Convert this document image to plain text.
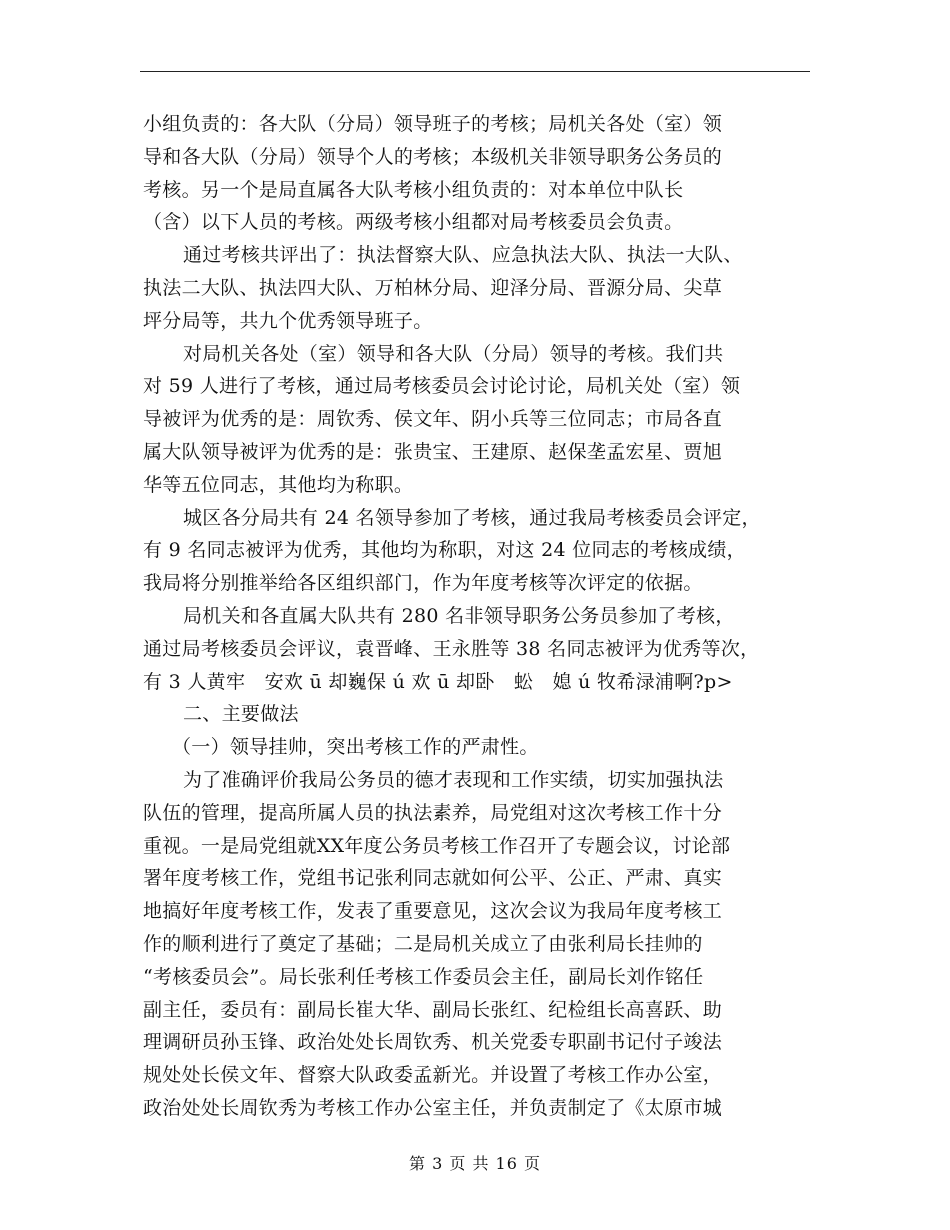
小组负责的：各大队（分局）领导班子的考核；局机关各处（室）领
导和各大队（分局）领导个人的考核；本级机关非领导职务公务员的
考核。另一个是局直属各大队考核小组负责的：对本单位中队长
（含）以下人员的考核。两级考核小组都对局考核委员会负责。
通过考核共评出了：执法督察大队、应急执法大队、执法一大队、
执法二大队、执法四大队、万柏林分局、迎泽分局、晋源分局、尖草
坪分局等，共九个优秀领导班子。
对局机关各处（室）领导和各大队（分局）领导的考核。我们共
对 59 人进行了考核，通过局考核委员会讨论讨论，局机关处（室）领
导被评为优秀的是：周钦秀、侯文年、阴小兵等三位同志；市局各直
属大队领导被评为优秀的是：张贵宝、王建原、赵保垄孟宏星、贾旭
华等五位同志，其他均为称职。
城区各分局共有 24 名领导参加了考核，通过我局考核委员会评定，
有 9 名同志被评为优秀，其他均为称职，对这 24 位同志的考核成绩，
我局将分别推举给各区组织部门，作为年度考核等次评定的依据。
局机关和各直属大队共有 280 名非领导职务公务员参加了考核，
通过局考核委员会评议，袁晋峰、王永胜等 38 名同志被评为优秀等次，
有 3 人黄牢　安欢 ū 却巍保 ú 欢 ū 却卧　蚣　媳 ú 牧希渌浦啊?p>
二、主要做法
（一）领导挂帅，突出考核工作的严肃性。
为了准确评价我局公务员的德才表现和工作实绩，切实加强执法
队伍的管理，提高所属人员的执法素养，局党组对这次考核工作十分
重视。一是局党组就XX年度公务员考核工作召开了专题会议，讨论部
署年度考核工作，党组书记张利同志就如何公平、公正、严肃、真实
地搞好年度考核工作，发表了重要意见，这次会议为我局年度考核工
作的顺利进行了奠定了基础；二是局机关成立了由张利局长挂帅的
“考核委员会”。局长张利任考核工作委员会主任，副局长刘作铭任
副主任，委员有：副局长崔大华、副局长张红、纪检组长高喜跃、助
理调研员孙玉锋、政治处处长周钦秀、机关党委专职副书记付子竣法
规处处长侯文年、督察大队政委孟新光。并设置了考核工作办公室，
政治处处长周钦秀为考核工作办公室主任，并负责制定了《太原市城
第 3 页 共 16 页
